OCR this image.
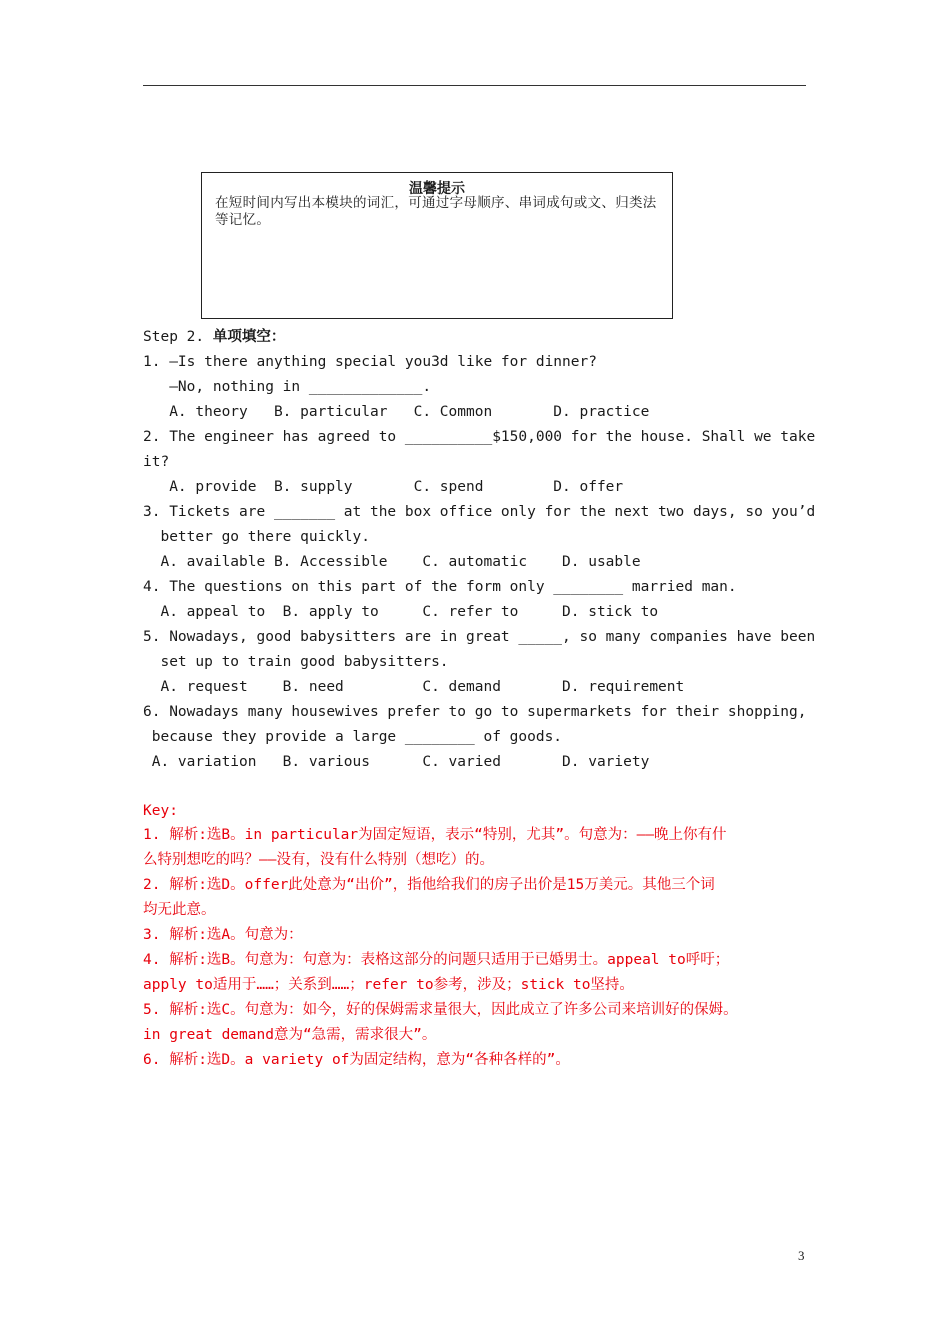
温馨提示
在短时间内写出本模块的词汇，可通过字母顺序、串词成句或文、归类法等记忆。
Step 2. 单项填空：
1. —Is there anything special you3d like for dinner?
—No, nothing in _____________.
A. theory   B. particular   C. Common       D. practice
2. The engineer has agreed to __________$150,000 for the house. Shall we take
it?
A. provide  B. supply       C. spend        D. offer
3. Tickets are _______ at the box office only for the next two days, so you’d
better go there quickly.
A. available B. Accessible    C. automatic    D. usable
4. The questions on this part of the form only ________ married man.
A. appeal to  B. apply to     C. refer to     D. stick to
5. Nowadays, good babysitters are in great _____, so many companies have been
set up to train good babysitters.
A. request    B. need         C. demand       D. requirement
6. Nowadays many housewives prefer to go to supermarkets for their shopping,
because they provide a large ________ of goods.
A. variation   B. various      C. varied       D. variety
Key:
1. 解析:选B。in particular为固定短语，表示“特别，尤其”。句意为：——晚上你有什
么特别想吃的吗？——没有，没有什么特别（想吃）的。
2. 解析:选D。offer此处意为“出价”，指他给我们的房子出价是15万美元。其他三个词
均无此意。
3. 解析:选A。句意为：
4. 解析:选B。句意为：句意为：表格这部分的问题只适用于已婚男士。appeal to呼吁；
apply to适用于……；关系到……；refer to参考，涉及；stick to坚持。
5. 解析:选C。句意为：如今，好的保姆需求量很大，因此成立了许多公司来培训好的保姆。
in great demand意为“急需，需求很大”。
6. 解析:选D。a variety of为固定结构，意为“各种各样的”。
3
